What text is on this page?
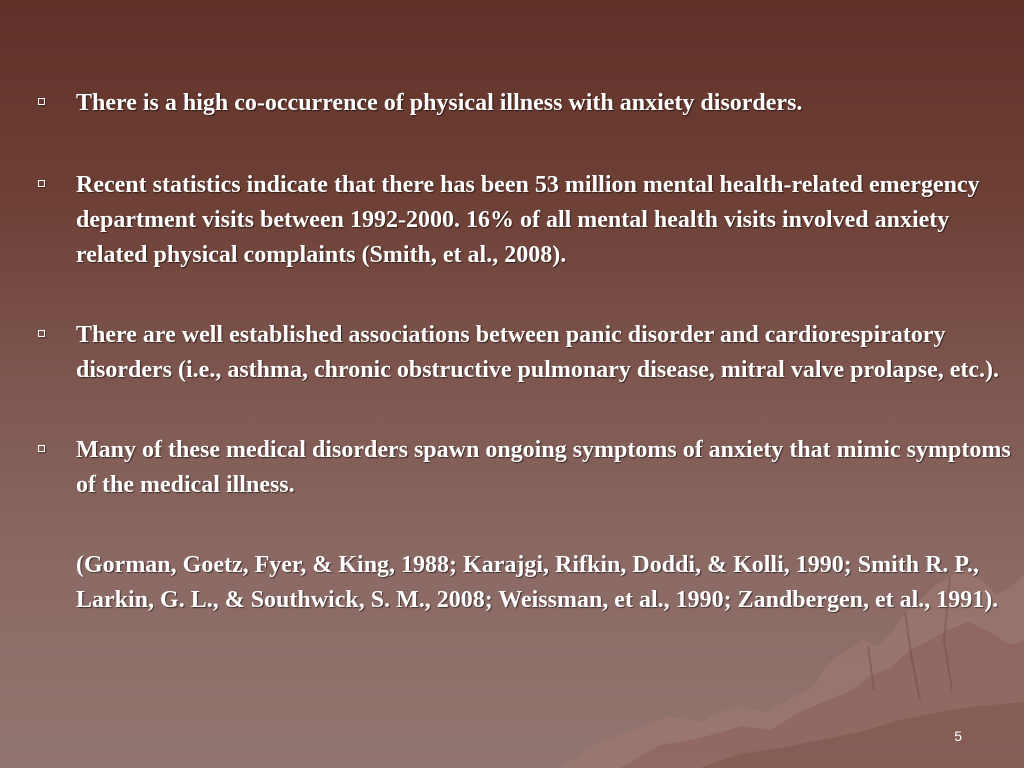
There is a high co-occurrence of physical illness with anxiety disorders.
Recent statistics indicate that there has been 53 million mental health-related emergency department visits between 1992-2000. 16% of all mental health visits involved anxiety related physical complaints (Smith, et al., 2008).
There are well established associations between panic disorder and cardiorespiratory disorders (i.e., asthma, chronic obstructive pulmonary disease, mitral valve prolapse, etc.).
Many of these medical disorders spawn ongoing symptoms of anxiety that mimic symptoms of the medical illness.
(Gorman, Goetz, Fyer, & King, 1988; Karajgi, Rifkin, Doddi, & Kolli, 1990; Smith R. P., Larkin, G. L., & Southwick, S. M., 2008; Weissman, et al., 1990; Zandbergen, et al., 1991).
5
